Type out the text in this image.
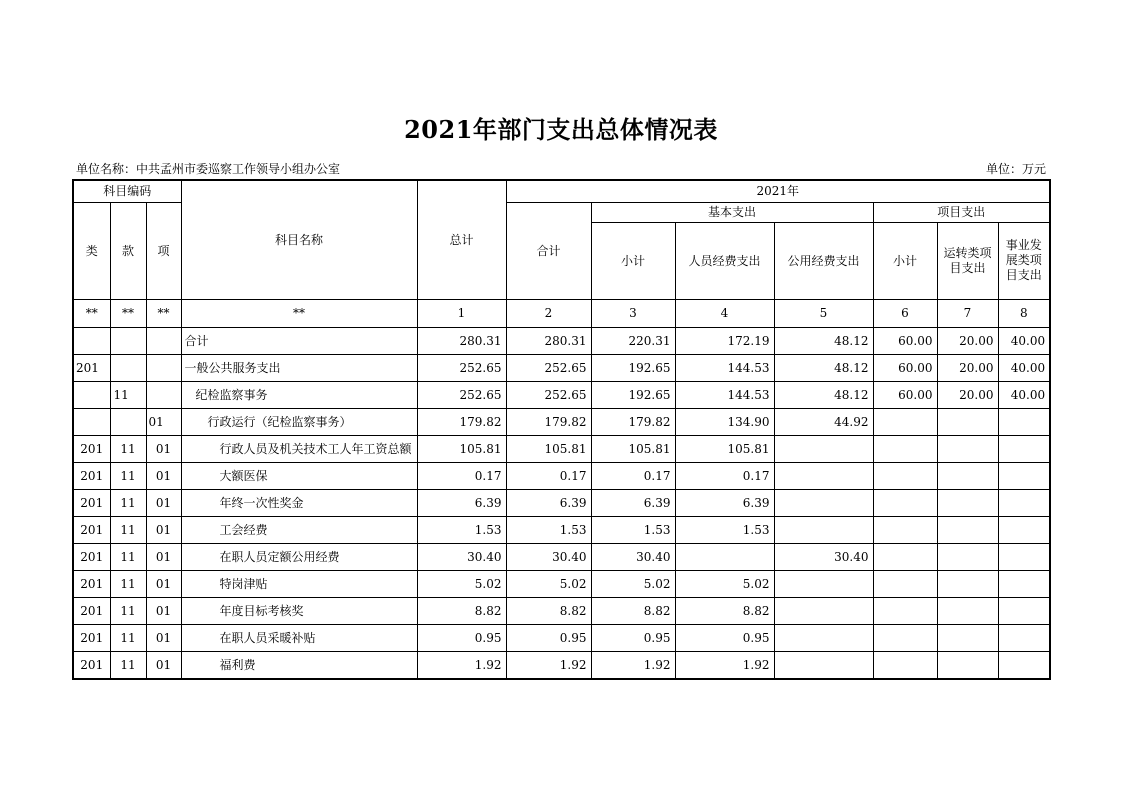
2021年部门支出总体情况表
单位名称：中共孟州市委巡察工作领导小组办公室	单位：万元
科目编码			科目名称	总计	2021年						
类	款	项			合计	基本支出			项目支出		
						小计	人员经费支出	公用经费支出	小计	运转类项目支出	事业发展类项目支出
**	**	**	**	1	2	3	4	5	6	7	8
			合计	280.31	280.31	220.31	172.19	48.12	60.00	20.00	40.00
201			一般公共服务支出	252.65	252.65	192.65	144.53	48.12	60.00	20.00	40.00
	11		纪检监察事务	252.65	252.65	192.65	144.53	48.12	60.00	20.00	40.00
		01	行政运行（纪检监察事务）	179.82	179.82	179.82	134.90	44.92			
201	11	01	行政人员及机关技术工人年工资总额	105.81	105.81	105.81	105.81				
201	11	01	大额医保	0.17	0.17	0.17	0.17				
201	11	01	年终一次性奖金	6.39	6.39	6.39	6.39				
201	11	01	工会经费	1.53	1.53	1.53	1.53				
201	11	01	在职人员定额公用经费	30.40	30.40	30.40		30.40			
201	11	01	特岗津贴	5.02	5.02	5.02	5.02				
201	11	01	年度目标考核奖	8.82	8.82	8.82	8.82				
201	11	01	在职人员采暖补贴	0.95	0.95	0.95	0.95				
201	11	01	福利费	1.92	1.92	1.92	1.92				
